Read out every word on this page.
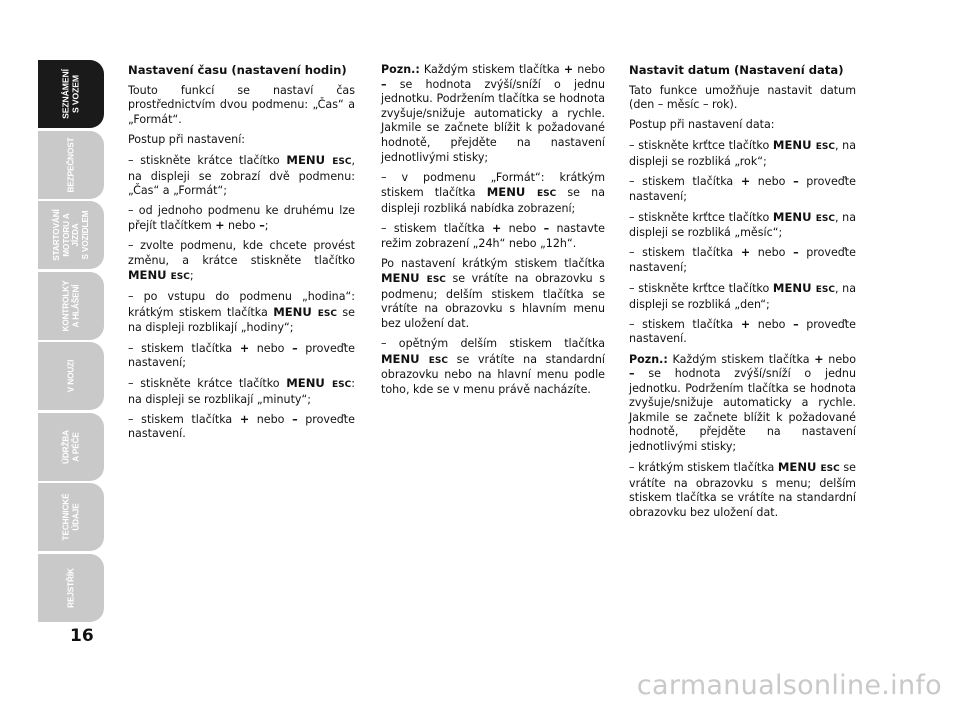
SEZNÁMENÍ
S VOZEM
BEZPEČNOST
STARTOVÁNÍ
MOTORU A JÍZDA
S VOZIDLEM
KONTROLKY
A HLÁŠENÍ
V NOUZI
ÚDRŽBA
A PÉČE
TECHNICKÉ
ÚDAJE
REJSTŘÍK
16

Nastavení času (nastavení hodin)

Touto funkcí se nastaví čas prostřednictvím dvou podmenu: „Čas“ a „Formát“.

Postup při nastavení:

– stiskněte krátce tlačítko MENU ESC, na displeji se zobrazí dvě podmenu: „Čas“ a „Formát“;

– od jednoho podmenu ke druhému lze přejít tlačítkem + nebo –;

– zvolte podmenu, kde chcete provést změnu, a krátce stiskněte tlačítko MENU ESC;

– po vstupu do podmenu „hodina“: krátkým stiskem tlačítka MENU ESC se na displeji rozblikají „hodiny“;

– stiskem tlačítka + nebo – proveďte nastavení;

– stiskněte krátce tlačítko MENU ESC: na displeji se rozblikají „minuty“;

– stiskem tlačítka + nebo – proveďte nastavení.

Pozn.: Každým stiskem tlačítka + nebo – se hodnota zvýší/sníží o jednu jednotku. Podržením tlačítka se hodnota zvyšuje/snižuje automaticky a rychle. Jakmile se začnete blížit k požadované hodnotě, přejděte na nastavení jednotlivými stisky;

– v podmenu „Formát“: krátkým stiskem tlačítka MENU ESC se na displeji rozbliká nabídka zobrazení;

– stiskem tlačítka + nebo – nastavte režim zobrazení „24h“ nebo „12h“.

Po nastavení krátkým stiskem tlačítka MENU ESC se vrátíte na obrazovku s podmenu; delším stiskem tlačítka se vrátíte na obrazovku s hlavním menu bez uložení dat.

– opětným delším stiskem tlačítka MENU ESC se vrátíte na standardní obrazovku nebo na hlavní menu podle toho, kde se v menu právě nacházíte.

Nastavit datum (Nastavení data)

Tato funkce umožňuje nastavit datum (den – měsíc – rok).

Postup při nastavení data:

– stiskněte krťtce tlačítko MENU ESC, na displeji se rozbliká „rok“;

– stiskem tlačítka + nebo – proveďte nastavení;

– stiskněte krťtce tlačítko MENU ESC, na displeji se rozbliká „měsíc“;

– stiskem tlačítka + nebo – proveďte nastavení;

– stiskněte krťtce tlačítko MENU ESC, na displeji se rozbliká „den“;

– stiskem tlačítka + nebo – proveďte nastavení.

Pozn.: Každým stiskem tlačítka + nebo – se hodnota zvýší/sníží o jednu jednotku. Podržením tlačítka se hodnota zvyšuje/snižuje automaticky a rychle. Jakmile se začnete blížit k požadované hodnotě, přejděte na nastavení jednotlivými stisky;

– krátkým stiskem tlačítka MENU ESC se vrátíte na obrazovku s menu; delším stiskem tlačítka se vrátíte na standardní obrazovku bez uložení dat.

carmanualsonline.info
